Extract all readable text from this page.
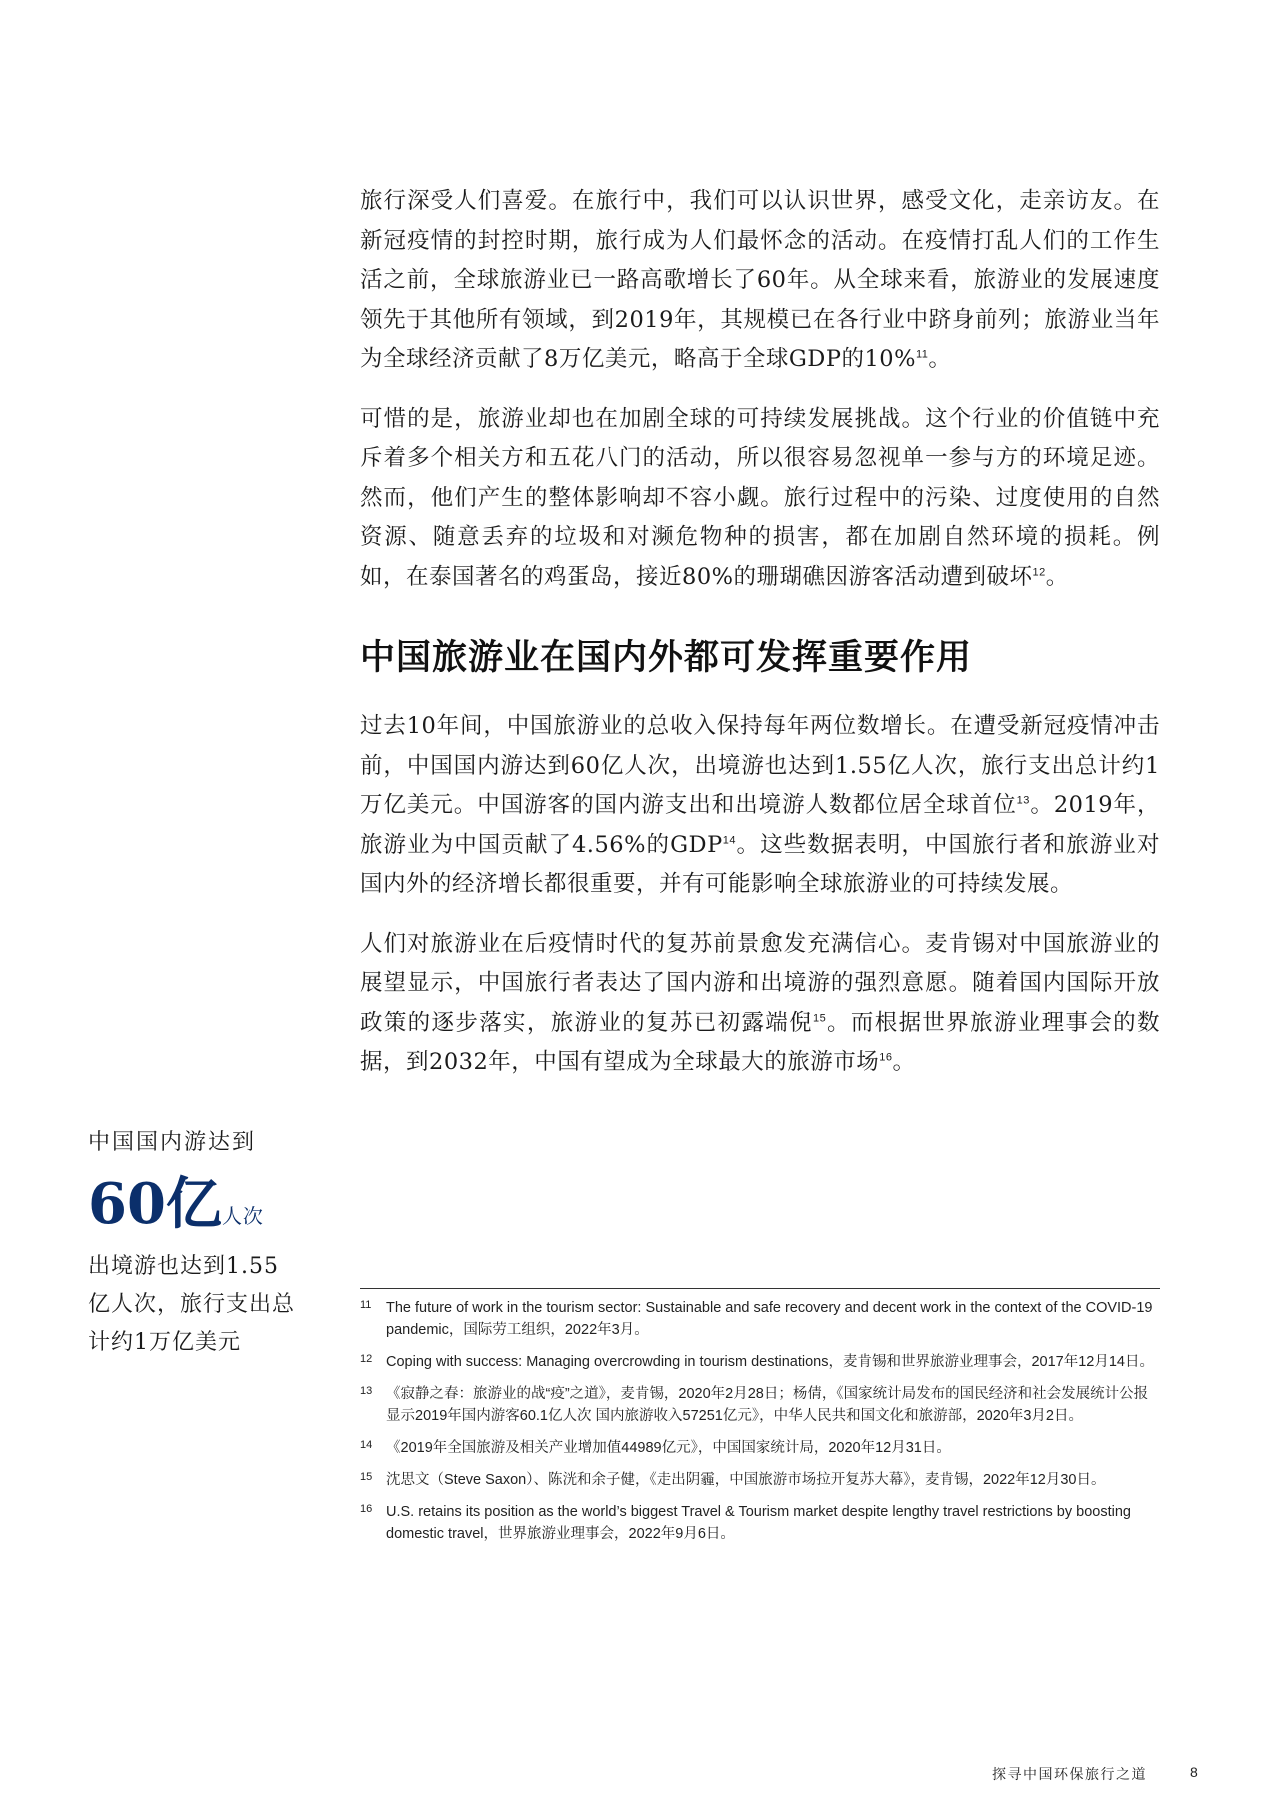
旅行深受人们喜爱。在旅行中，我们可以认识世界，感受文化，走亲访友。在新冠疫情的封控时期，旅行成为人们最怀念的活动。在疫情打乱人们的工作生活之前，全球旅游业已一路高歌增长了60年。从全球来看，旅游业的发展速度领先于其他所有领域，到2019年，其规模已在各行业中跻身前列；旅游业当年为全球经济贡献了8万亿美元，略高于全球GDP的10%$^{11}$。

可惜的是，旅游业却也在加剧全球的可持续发展挑战。这个行业的价值链中充斥着多个相关方和五花八门的活动，所以很容易忽视单一参与方的环境足迹。然而，他们产生的整体影响却不容小觑。旅行过程中的污染、过度使用的自然资源、随意丢弃的垃圾和对濒危物种的损害，都在加剧自然环境的损耗。例如，在泰国著名的鸡蛋岛，接近80%的珊瑚礁因游客活动遭到破坏$^{12}$。

中国旅游业在国内外都可发挥重要作用

过去10年间，中国旅游业的总收入保持每年两位数增长。在遭受新冠疫情冲击前，中国国内游达到60亿人次，出境游也达到1.55亿人次，旅行支出总计约1万亿美元。中国游客的国内游支出和出境游人数都位居全球首位$^{13}$。2019年，旅游业为中国贡献了4.56%的GDP$^{14}$。这些数据表明，中国旅行者和旅游业对国内外的经济增长都很重要，并有可能影响全球旅游业的可持续发展。

人们对旅游业在后疫情时代的复苏前景愈发充满信心。麦肯锡对中国旅游业的展望显示，中国旅行者表达了国内游和出境游的强烈意愿。随着国内国际开放政策的逐步落实，旅游业的复苏已初露端倪$^{15}$。而根据世界旅游业理事会的数据，到2032年，中国有望成为全球最大的旅游市场$^{16}$。

中国国内游达到
60亿人次
出境游也达到1.55亿人次，旅行支出总计约1万亿美元
11	The future of work in the tourism sector: Sustainable and safe recovery and decent work in the context of the COVID-19 pandemic，国际劳工组织，2022年3月。
12 Coping with success: Managing overcrowding in tourism destinations，麦肯锡和世界旅游业理事会，2017年12月14日。
13 《寂静之春：旅游业的战“疫”之道》，麦肯锡，2020年2月28日；杨倩，《国家统计局发布的国民经济和社会发展统计公报显示2019年国内游客60.1亿人次 国内旅游收入57251亿元》，中华人民共和国文化和旅游部，2020年3月2日。
14 《2019年全国旅游及相关产业增加值44989亿元》，中国国家统计局，2020年12月31日。
15 沈思文（Steve Saxon）、陈洸和余子健，《走出阴霾，中国旅游市场拉开复苏大幕》，麦肯锡，2022年12月30日。
16 U.S. retains its position as the world’s biggest Travel & Tourism market despite lengthy travel restrictions by boosting domestic travel，世界旅游业理事会，2022年9月6日。
探寻中国环保旅行之道	8
